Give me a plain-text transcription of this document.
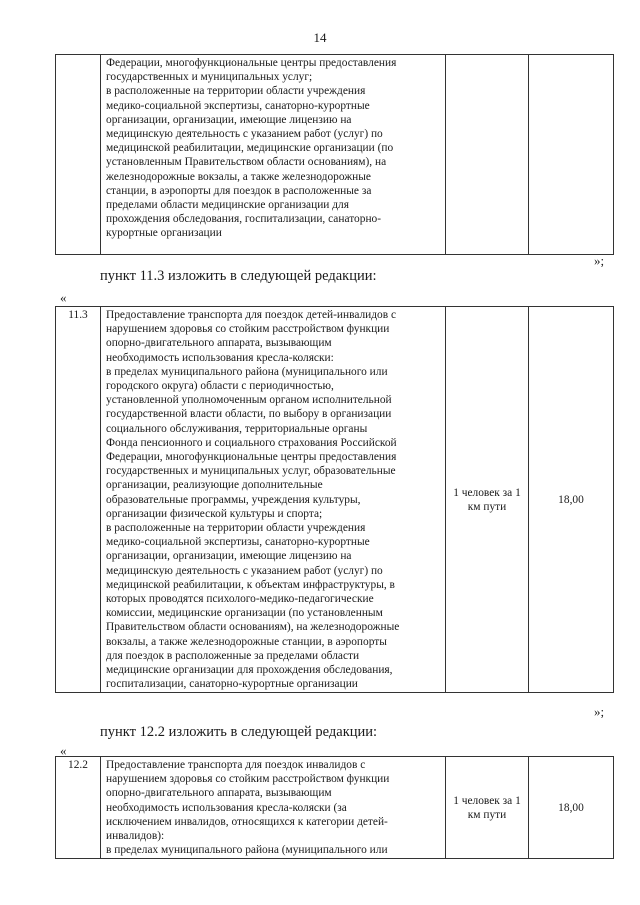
14

Федерации, многофункциональные центры предоставления
государственных и муниципальных услуг;
в расположенные на территории области учреждения
медико-социальной экспертизы, санаторно-курортные
организации, организации, имеющие лицензию на
медицинскую деятельность с указанием работ (услуг) по
медицинской реабилитации, медицинские организации (по
установленным Правительством области основаниям), на
железнодорожные вокзалы, а также железнодорожные
станции, в аэропорты для поездок в расположенные за
пределами области медицинские организации для
прохождения обследования, госпитализации, санаторно-
курортные организации

»;
пункт 11.3 изложить в следующей редакции:
«
11.3	Предоставление транспорта для поездок детей-инвалидов с
нарушением здоровья со стойким расстройством функции
опорно-двигательного аппарата, вызывающим
необходимость использования кресла-коляски:
в пределах муниципального района (муниципального или
городского округа) области с периодичностью,
установленной уполномоченным органом исполнительной
государственной власти области, по выбору в организации
социального обслуживания, территориальные органы
Фонда пенсионного и социального страхования Российской
Федерации, многофункциональные центры предоставления
государственных и муниципальных услуг, образовательные
организации, реализующие дополнительные
образовательные программы, учреждения культуры,
организации физической культуры и спорта;
в расположенные на территории области учреждения
медико-социальной экспертизы, санаторно-курортные
организации, организации, имеющие лицензию на
медицинскую деятельность с указанием работ (услуг) по
медицинской реабилитации, к объектам инфраструктуры, в
которых проводятся психолого-медико-педагогические
комиссии, медицинские организации (по установленным
Правительством области основаниям), на железнодорожные
вокзалы, а также железнодорожные станции, в аэропорты
для поездок в расположенные за пределами области
медицинские организации для прохождения обследования,
госпитализации, санаторно-курортные организации
	1 человек за 1 км пути	18,00
»;
пункт 12.2 изложить в следующей редакции:
«
12.2	Предоставление транспорта для поездок инвалидов с
нарушением здоровья со стойким расстройством функции
опорно-двигательного аппарата, вызывающим
необходимость использования кресла-коляски (за
исключением инвалидов, относящихся к категории детей-
инвалидов):
в пределах муниципального района (муниципального или
	1 человек за 1 км пути	18,00
